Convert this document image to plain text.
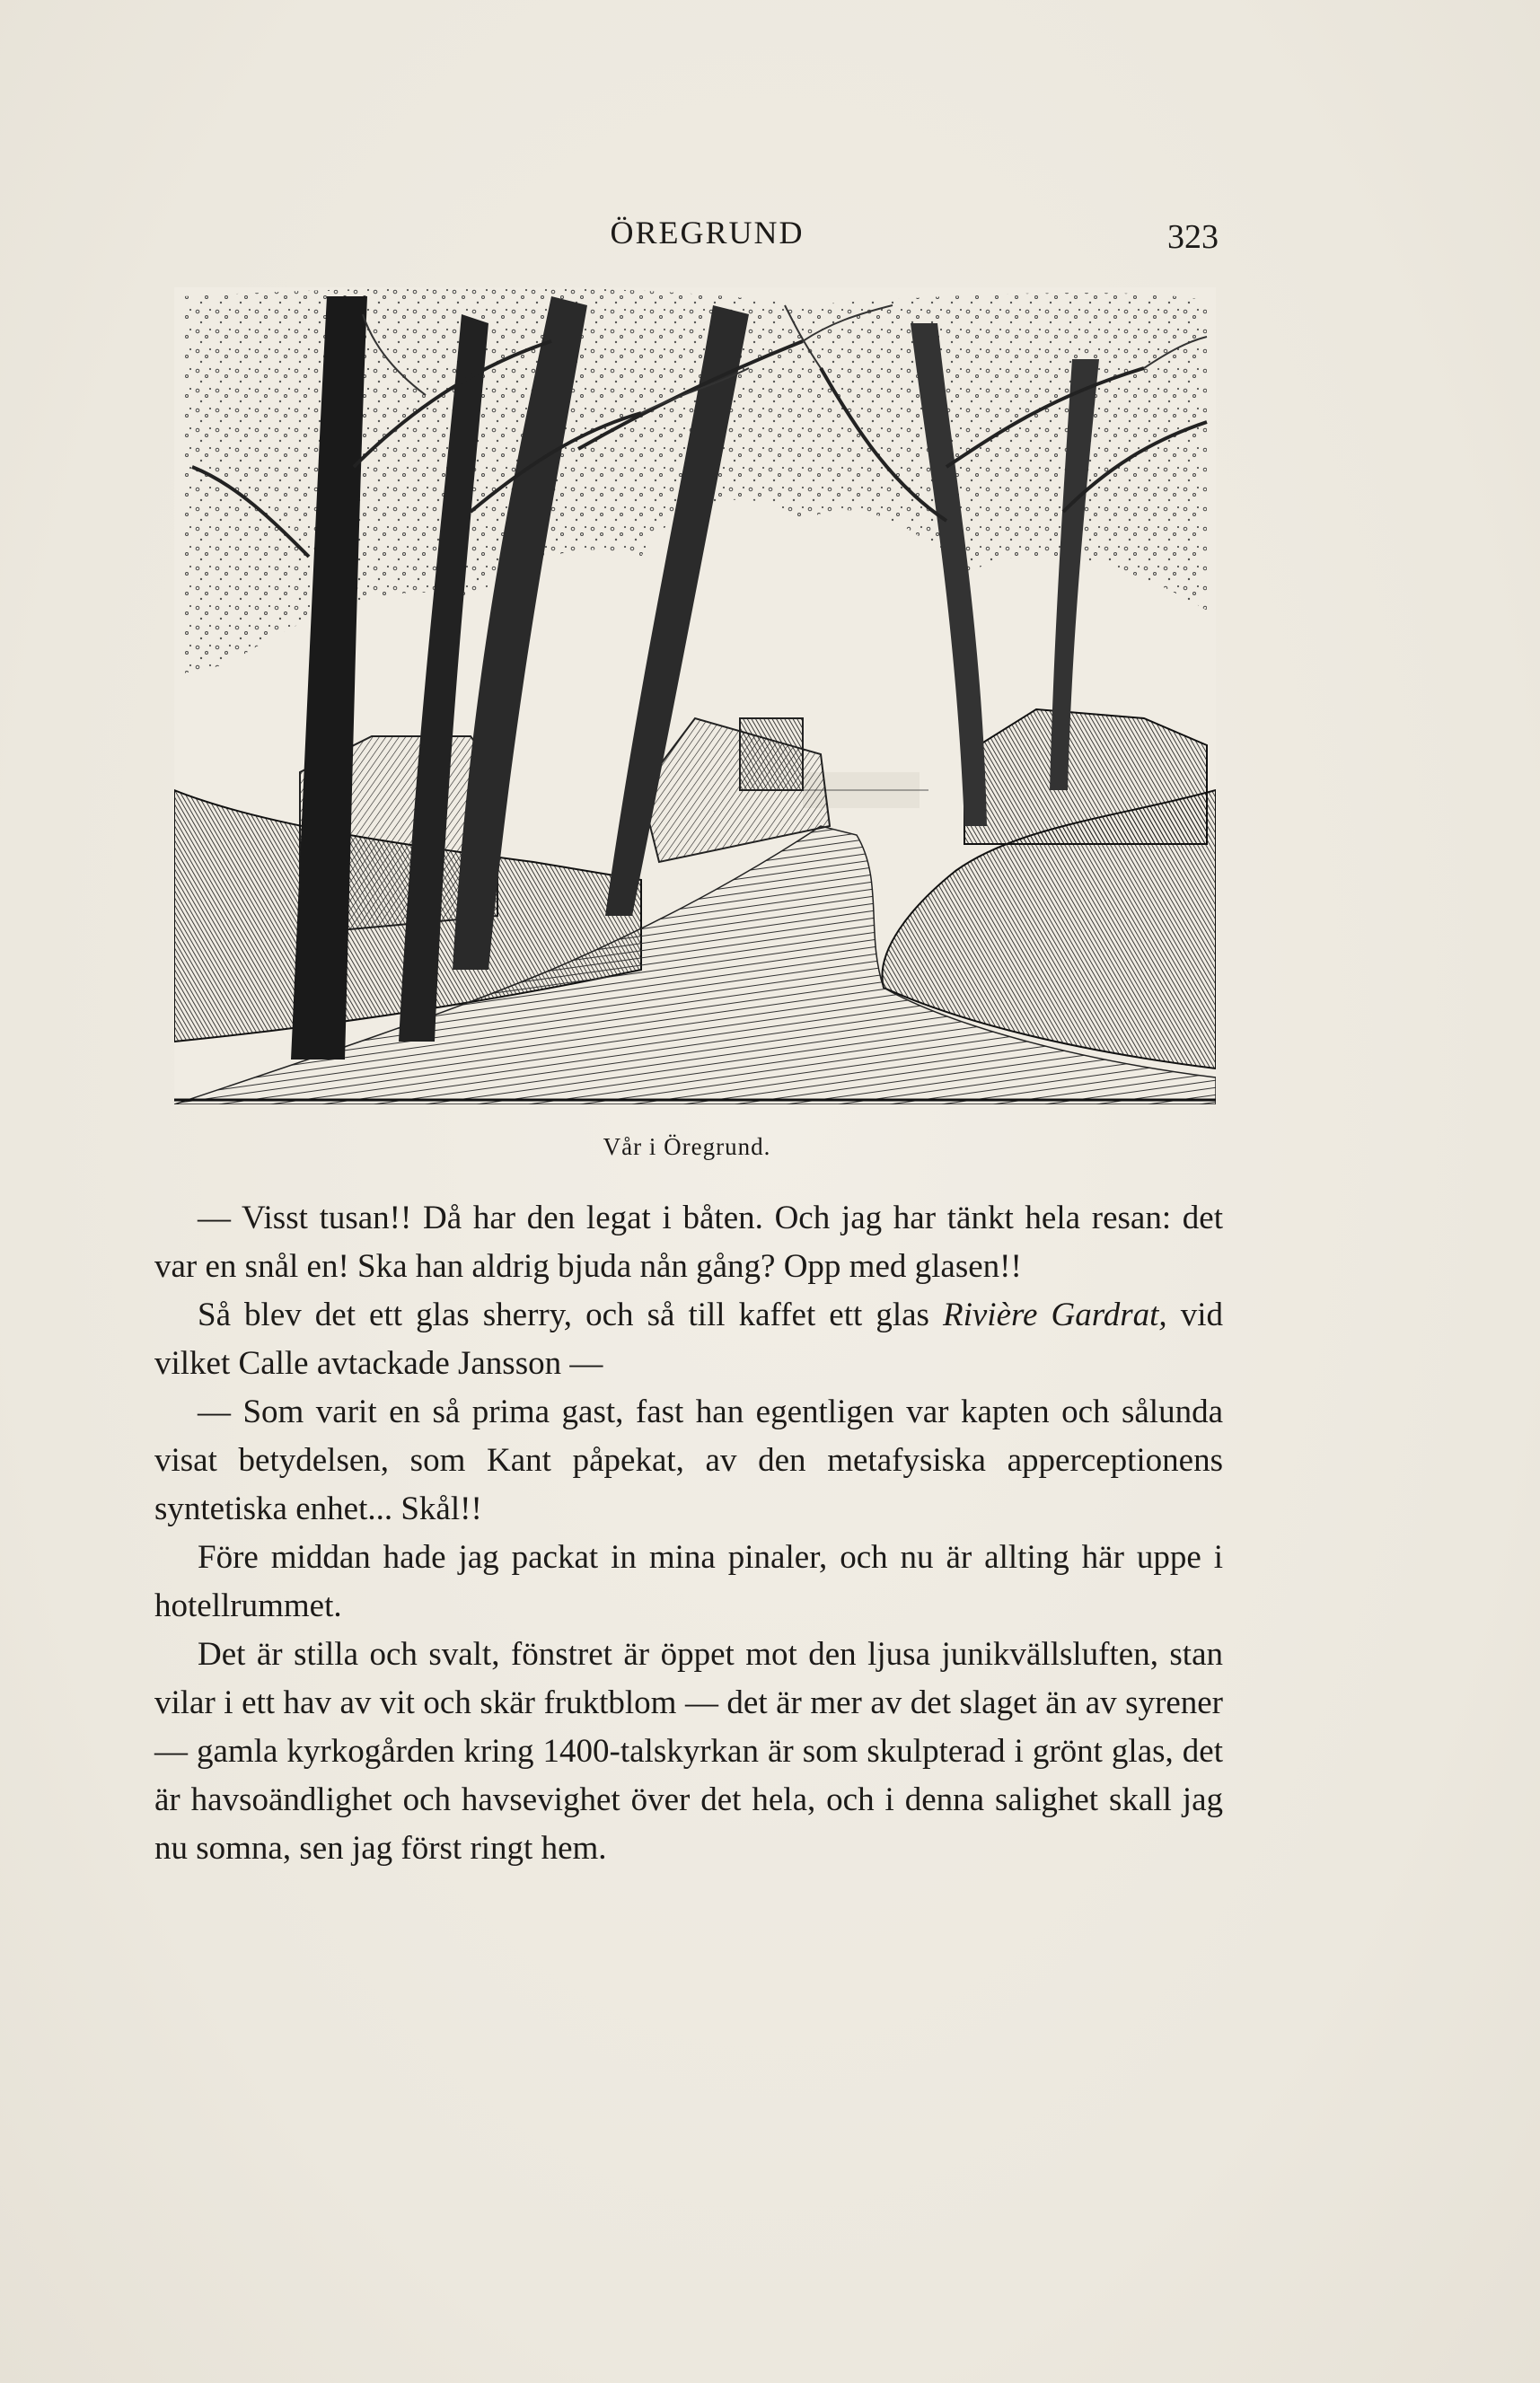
ÖREGRUND	323
Vår i Öregrund.

— Visst tusan!! Då har den legat i båten. Och jag har tänkt hela resan: det var en snål en! Ska han aldrig bjuda nån gång? Opp med glasen!!

Så blev det ett glas sherry, och så till kaffet ett glas Rivière Gardrat, vid vilket Calle avtackade Jansson —

— Som varit en så prima gast, fast han egentligen var kapten och sålunda visat betydelsen, som Kant påpekat, av den metafysiska apperceptionens syntetiska enhet... Skål!!

Före middan hade jag packat in mina pinaler, och nu är allting här uppe i hotellrummet.

Det är stilla och svalt, fönstret är öppet mot den ljusa junikvällsluften, stan vilar i ett hav av vit och skär fruktblom — det är mer av det slaget än av syrener — gamla kyrkogården kring 1400-talskyrkan är som skulpterad i grönt glas, det är havsoändlighet och havsevighet över det hela, och i denna salighet skall jag nu somna, sen jag först ringt hem.
